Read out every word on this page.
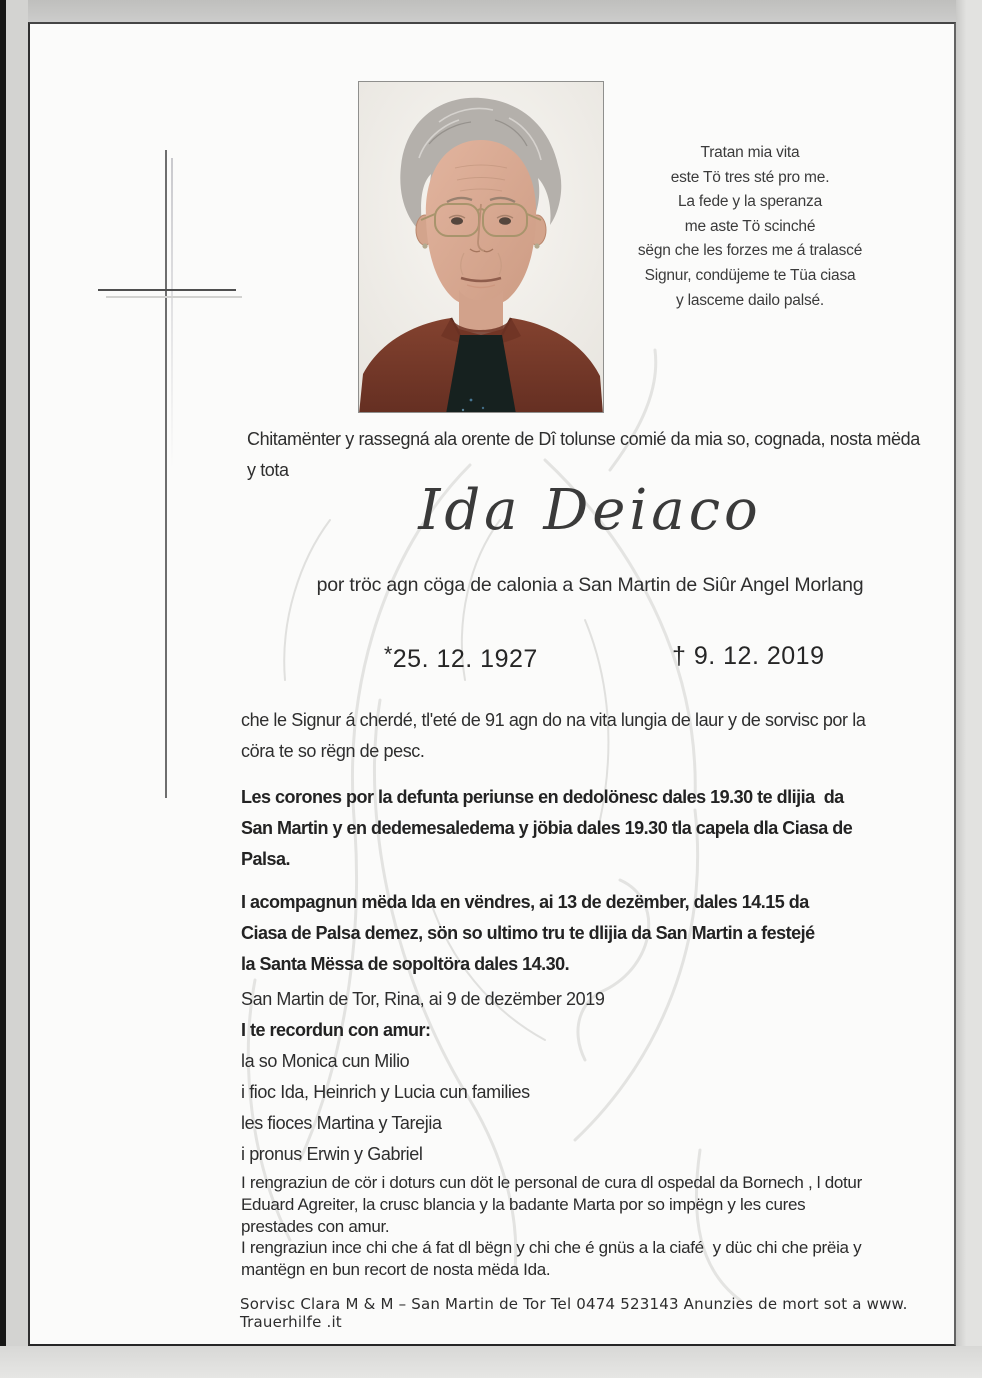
Tratan mia vita
este Tö tres sté pro me.
La fede y la speranza
me aste Tö scinché
sëgn che les forzes me á tralascé
Signur, condüjeme te Tüa ciasa
y lasceme dailo palsé.
Chitamënter y rassegná ala orente de Dî tolunse comié da mia so, cognada, nosta mëda
y tota
Ida Deiaco
por tröc agn cöga de calonia a San Martin de Siûr Angel Morlang
*25. 12. 1927	† 9. 12. 2019
che le Signur á cherdé, tl'eté de 91 agn do na vita lungia de laur y de sorvisc por la
cöra te so rëgn de pesc.
Les corones por la defunta periunse en dedolönesc dales 19.30 te dlijia  da
San Martin y en dedemesaledema y jöbia dales 19.30 tla capela dla Ciasa de
Palsa.
I acompagnun mëda Ida en vëndres, ai 13 de dezëmber, dales 14.15 da
Ciasa de Palsa demez, sön so ultimo tru te dlijia da San Martin a festejé
la Santa Mëssa de sopoltöra dales 14.30.
San Martin de Tor, Rina, ai 9 de dezëmber 2019
I te recordun con amur:
la so Monica cun Milio
i fioc Ida, Heinrich y Lucia cun families
les fioces Martina y Tarejia
i pronus Erwin y Gabriel
I rengraziun de cör i doturs cun döt le personal de cura dl ospedal da Bornech , l dotur
Eduard Agreiter, la crusc blancia y la badante Marta por so impëgn y les cures
prestades con amur.
I rengraziun ince chi che á fat dl bëgn y chi che é gnüs a la ciafé  y düc chi che prëia y
mantëgn en bun recort de nosta mëda Ida.
Sorvisc Clara M & M – San Martin de Tor Tel 0474 523143 Anunzies de mort sot a www. Trauerhilfe .it
